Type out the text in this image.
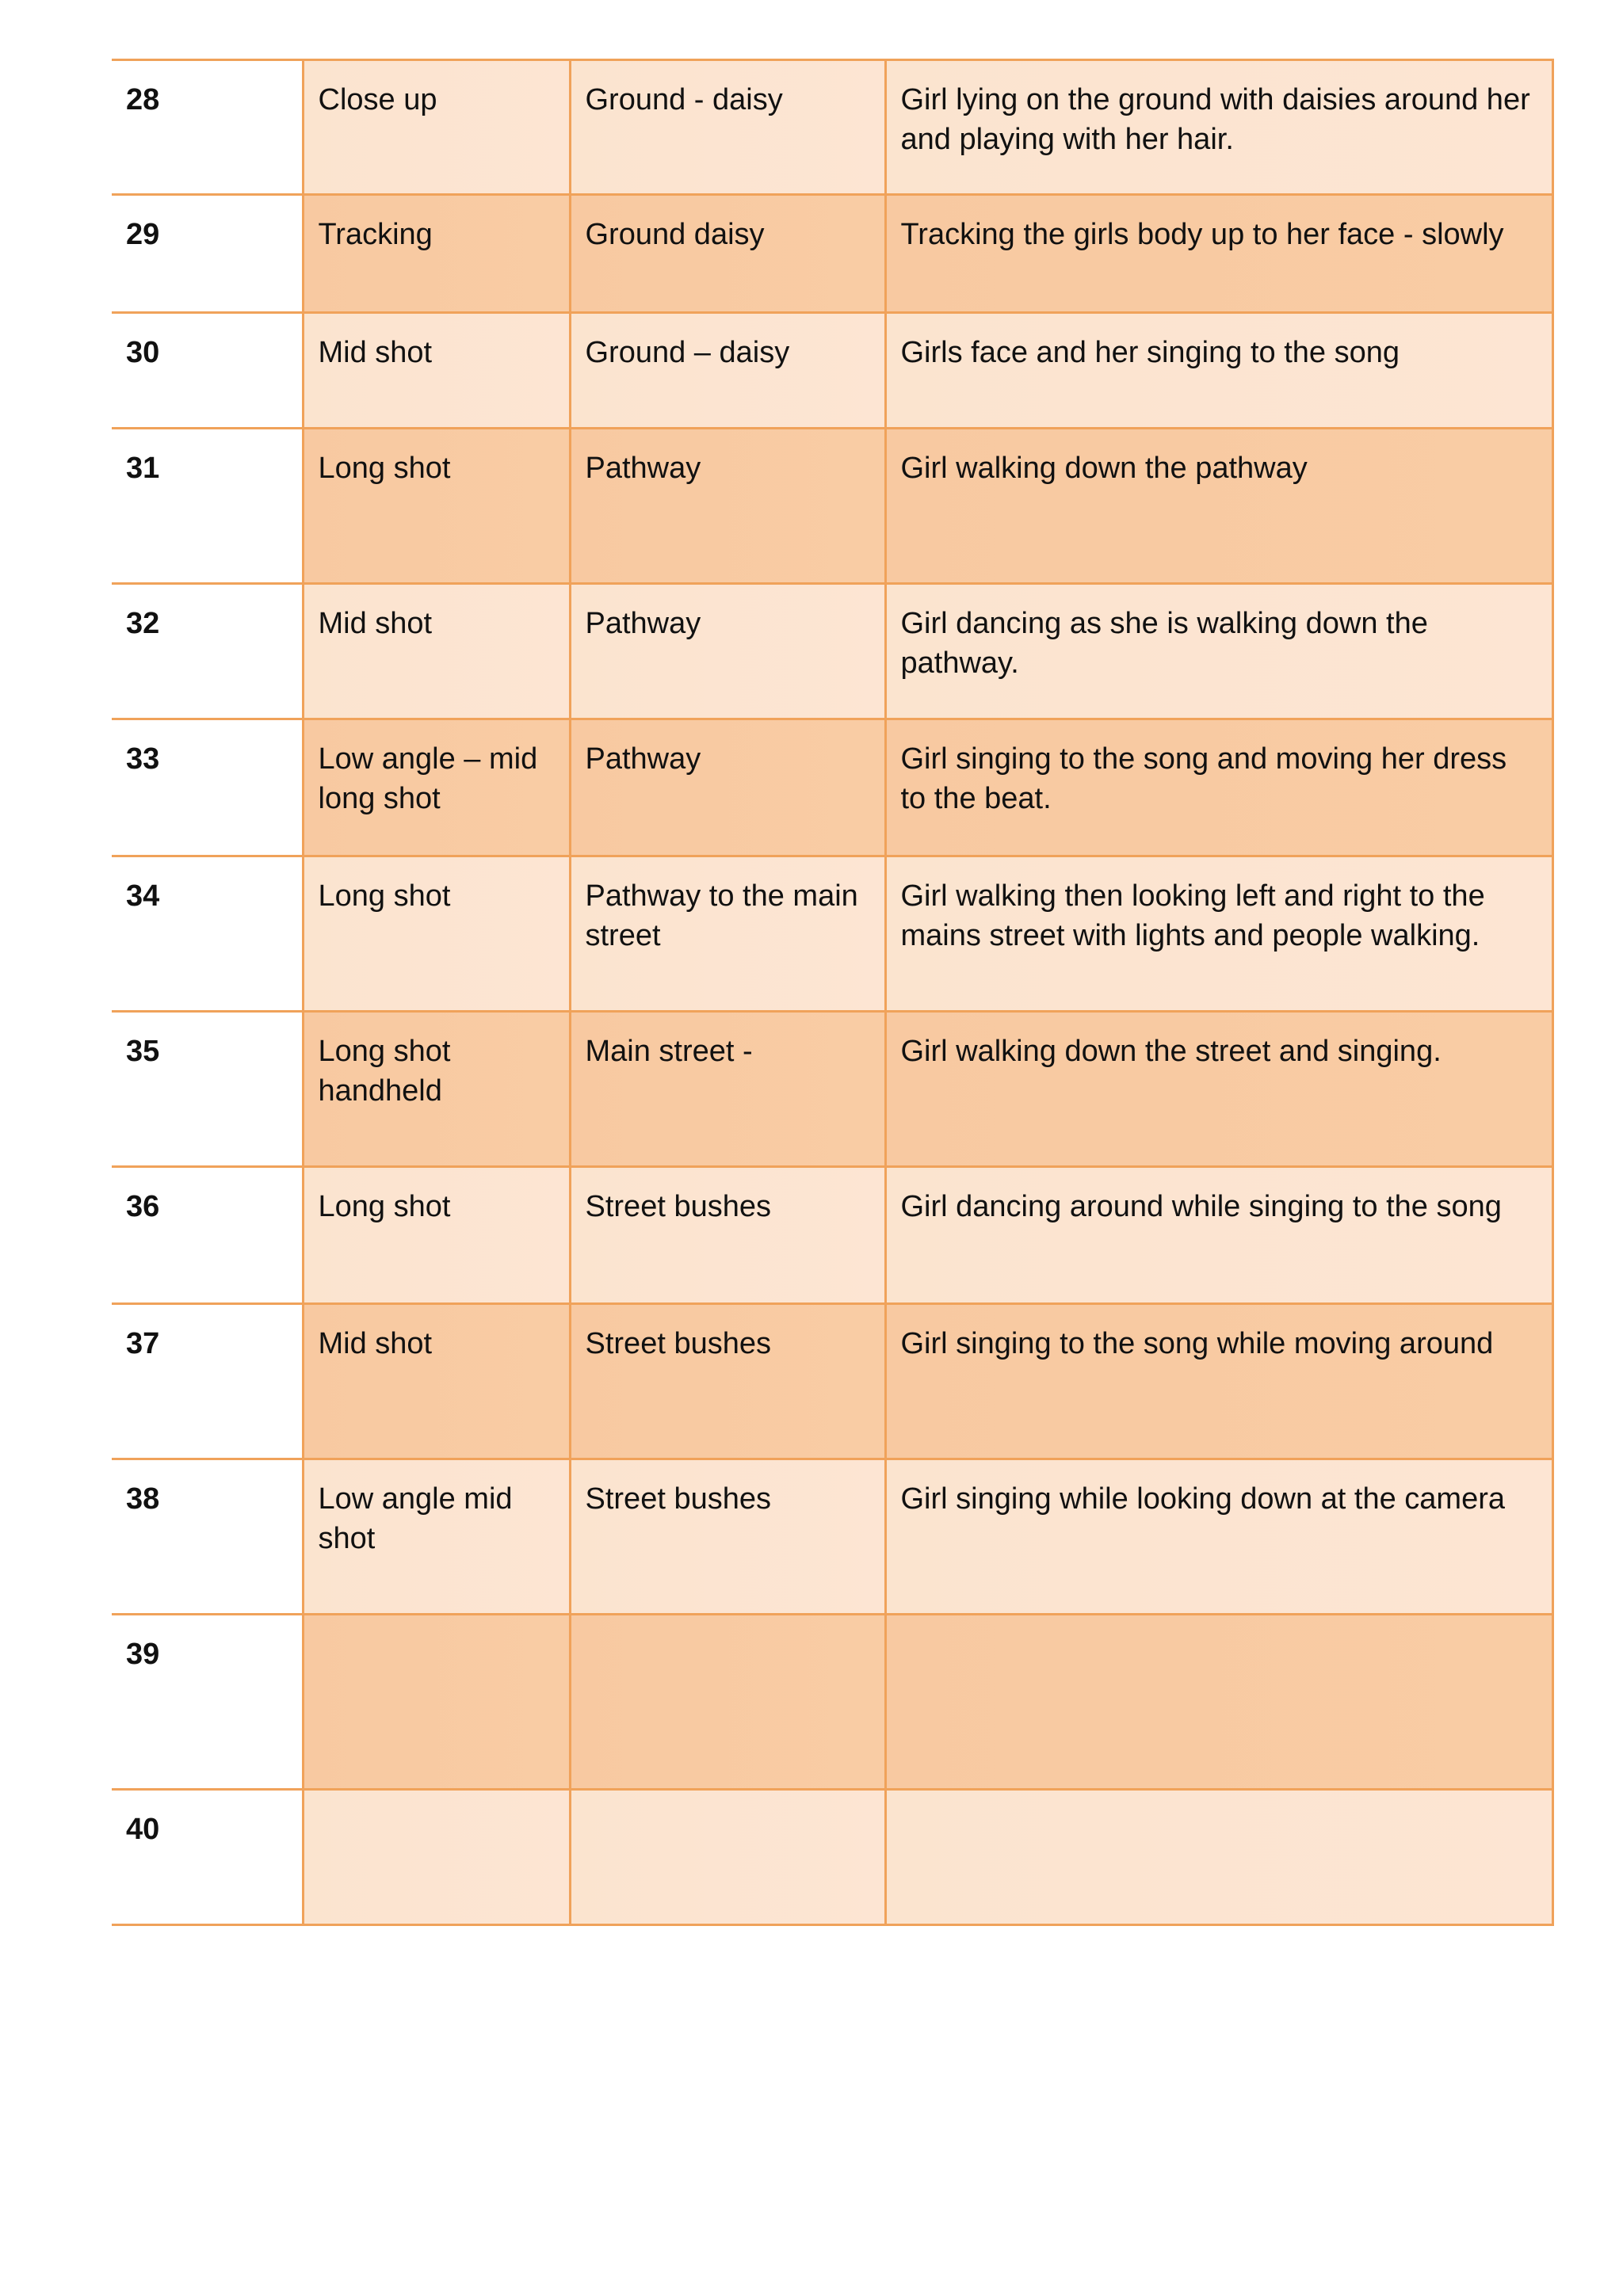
28	Close up	Ground - daisy	Girl lying on the ground with daisies around her and playing with her hair.
29	Tracking	Ground daisy	Tracking the girls body up to her face - slowly
30	Mid shot	Ground – daisy	Girls face and her singing to the song
31	Long shot	Pathway	Girl walking down the pathway
32	Mid shot	Pathway	Girl dancing as she is walking down the pathway.
33	Low angle – mid long shot	Pathway	Girl singing to the song and moving her dress to the beat.
34	Long shot	Pathway to the main street	Girl walking then looking left and right to the mains street with lights and people walking.
35	Long shot handheld	Main street -	Girl walking down the street and singing.
36	Long shot	Street bushes	Girl dancing around while singing to the song
37	Mid shot	Street bushes	Girl singing to the song while moving around
38	Low angle mid shot	Street bushes	Girl singing while looking down at the camera
39			
40			
